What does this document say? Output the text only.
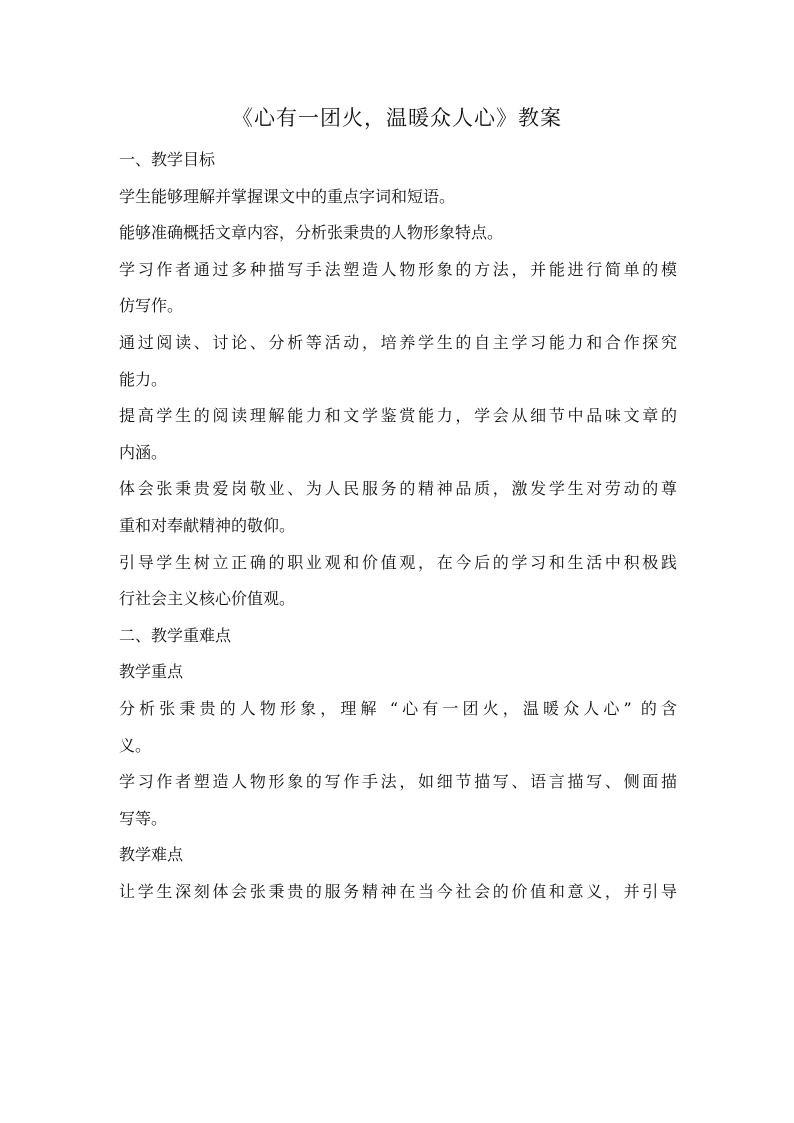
《心有一团火，温暖众人心》教案

一、教学目标

学生能够理解并掌握课文中的重点字词和短语。

能够准确概括文章内容，分析张秉贵的人物形象特点。

学习作者通过多种描写手法塑造人物形象的方法，并能进行简单的模

仿写作。

通过阅读、讨论、分析等活动，培养学生的自主学习能力和合作探究

能力。

提高学生的阅读理解能力和文学鉴赏能力，学会从细节中品味文章的

内涵。

体会张秉贵爱岗敬业、为人民服务的精神品质，激发学生对劳动的尊

重和对奉献精神的敬仰。

引导学生树立正确的职业观和价值观，在今后的学习和生活中积极践

行社会主义核心价值观。

二、教学重难点

教学重点

分析张秉贵的人物形象，理解 “心有一团火，温暖众人心” 的含

义。

学习作者塑造人物形象的写作手法，如细节描写、语言描写、侧面描

写等。

教学难点

让学生深刻体会张秉贵的服务精神在当今社会的价值和意义，并引导
